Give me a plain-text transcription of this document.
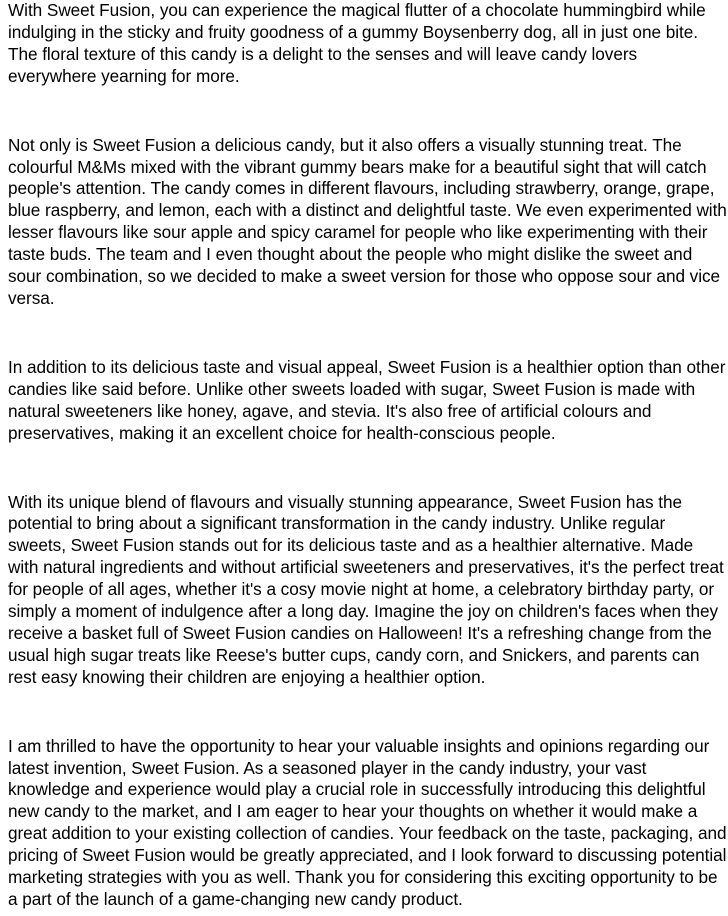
With Sweet Fusion, you can experience the magical flutter of a chocolate hummingbird while indulging in the sticky and fruity goodness of a gummy Boysenberry dog, all in just one bite. The floral texture of this candy is a delight to the senses and will leave candy lovers everywhere yearning for more.

Not only is Sweet Fusion a delicious candy, but it also offers a visually stunning treat. The colourful M&Ms mixed with the vibrant gummy bears make for a beautiful sight that will catch people's attention. The candy comes in different flavours, including strawberry, orange, grape, blue raspberry, and lemon, each with a distinct and delightful taste. We even experimented with lesser flavours like sour apple and spicy caramel for people who like experimenting with their taste buds. The team and I even thought about the people who might dislike the sweet and sour combination, so we decided to make a sweet version for those who oppose sour and vice versa.

In addition to its delicious taste and visual appeal, Sweet Fusion is a healthier option than other candies like said before. Unlike other sweets loaded with sugar, Sweet Fusion is made with natural sweeteners like honey, agave, and stevia. It's also free of artificial colours and preservatives, making it an excellent choice for health-conscious people.

With its unique blend of flavours and visually stunning appearance, Sweet Fusion has the potential to bring about a significant transformation in the candy industry. Unlike regular sweets, Sweet Fusion stands out for its delicious taste and as a healthier alternative. Made with natural ingredients and without artificial sweeteners and preservatives, it's the perfect treat for people of all ages, whether it's a cosy movie night at home, a celebratory birthday party, or simply a moment of indulgence after a long day. Imagine the joy on children's faces when they receive a basket full of Sweet Fusion candies on Halloween! It's a refreshing change from the usual high sugar treats like Reese's butter cups, candy corn, and Snickers, and parents can rest easy knowing their children are enjoying a healthier option.

I am thrilled to have the opportunity to hear your valuable insights and opinions regarding our latest invention, Sweet Fusion. As a seasoned player in the candy industry, your vast knowledge and experience would play a crucial role in successfully introducing this delightful new candy to the market, and I am eager to hear your thoughts on whether it would make a great addition to your existing collection of candies. Your feedback on the taste, packaging, and pricing of Sweet Fusion would be greatly appreciated, and I look forward to discussing potential marketing strategies with you as well. Thank you for considering this exciting opportunity to be a part of the launch of a game-changing new candy product.
